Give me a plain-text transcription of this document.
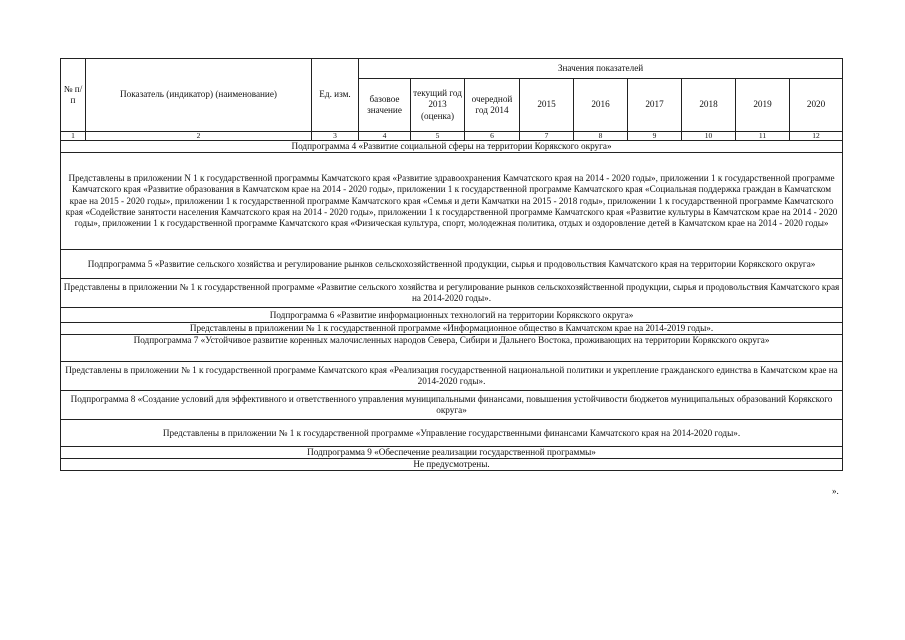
№ п/п	Показатель (индикатор) (наименование)	Ед. изм.	Значения показателей								
			базовое значение	текущий год 2013 (оценка)	очередной год 2014	2015	2016	2017	2018	2019	2020
1	2	3	4	5	6	7	8	9	10	11	12
Подпрограмма 4 «Развитие социальной сферы на территории Корякского округа»											
Представлены в приложении N 1 к государственной программы Камчатского края «Развитие здравоохранения Камчатского края на 2014 - 2020 годы», приложении 1 к государственной программе Камчатского края «Развитие образования в Камчатском крае на 2014 - 2020 годы», приложении 1 к государственной программе Камчатского края «Социальная поддержка граждан в Камчатском крае на 2015 - 2020 годы», приложении 1 к государственной программе Камчатского края «Семья и дети Камчатки на 2015 - 2018 годы», приложении 1 к государственной программе Камчатского края «Содействие занятости населения Камчатского края на 2014 - 2020 годы», приложении 1 к государственной программе Камчатского края «Развитие культуры в Камчатском крае на 2014 - 2020 годы», приложении 1 к государственной программе Камчатского края «Физическая культура, спорт, молодежная политика, отдых и оздоровление детей в Камчатском крае на 2014 - 2020 годы»											
Подпрограмма 5 «Развитие сельского хозяйства и регулирование рынков сельскохозяйственной продукции, сырья и продовольствия Камчатского края на территории Корякского округа»											
Представлены в приложении № 1 к государственной программе «Развитие сельского хозяйства и регулирование рынков сельскохозяйственной продукции, сырья и продовольствия Камчатского края на 2014-2020 годы».											
Подпрограмма 6 «Развитие информационных технологий на территории Корякского округа»											
Представлены в приложении № 1 к государственной программе «Информационное общество в Камчатском крае на 2014-2019 годы».											
Подпрограмма 7 «Устойчивое развитие коренных малочисленных народов Севера, Сибири и Дальнего Востока, проживающих на территории Корякского округа»											
Представлены в приложении № 1 к государственной программе Камчатского края «Реализация государственной национальной политики и укрепление гражданского единства в Камчатском крае на 2014-2020 годы».											
Подпрограмма 8 «Создание условий для эффективного и ответственного управления муниципальными финансами, повышения устойчивости бюджетов муниципальных образований Корякского округа»											
Представлены в приложении № 1 к государственной программе «Управление государственными финансами Камчатского края на 2014-2020 годы».											
Подпрограмма 9 «Обеспечение реализации государственной программы»											
Не предусмотрены.											
».
